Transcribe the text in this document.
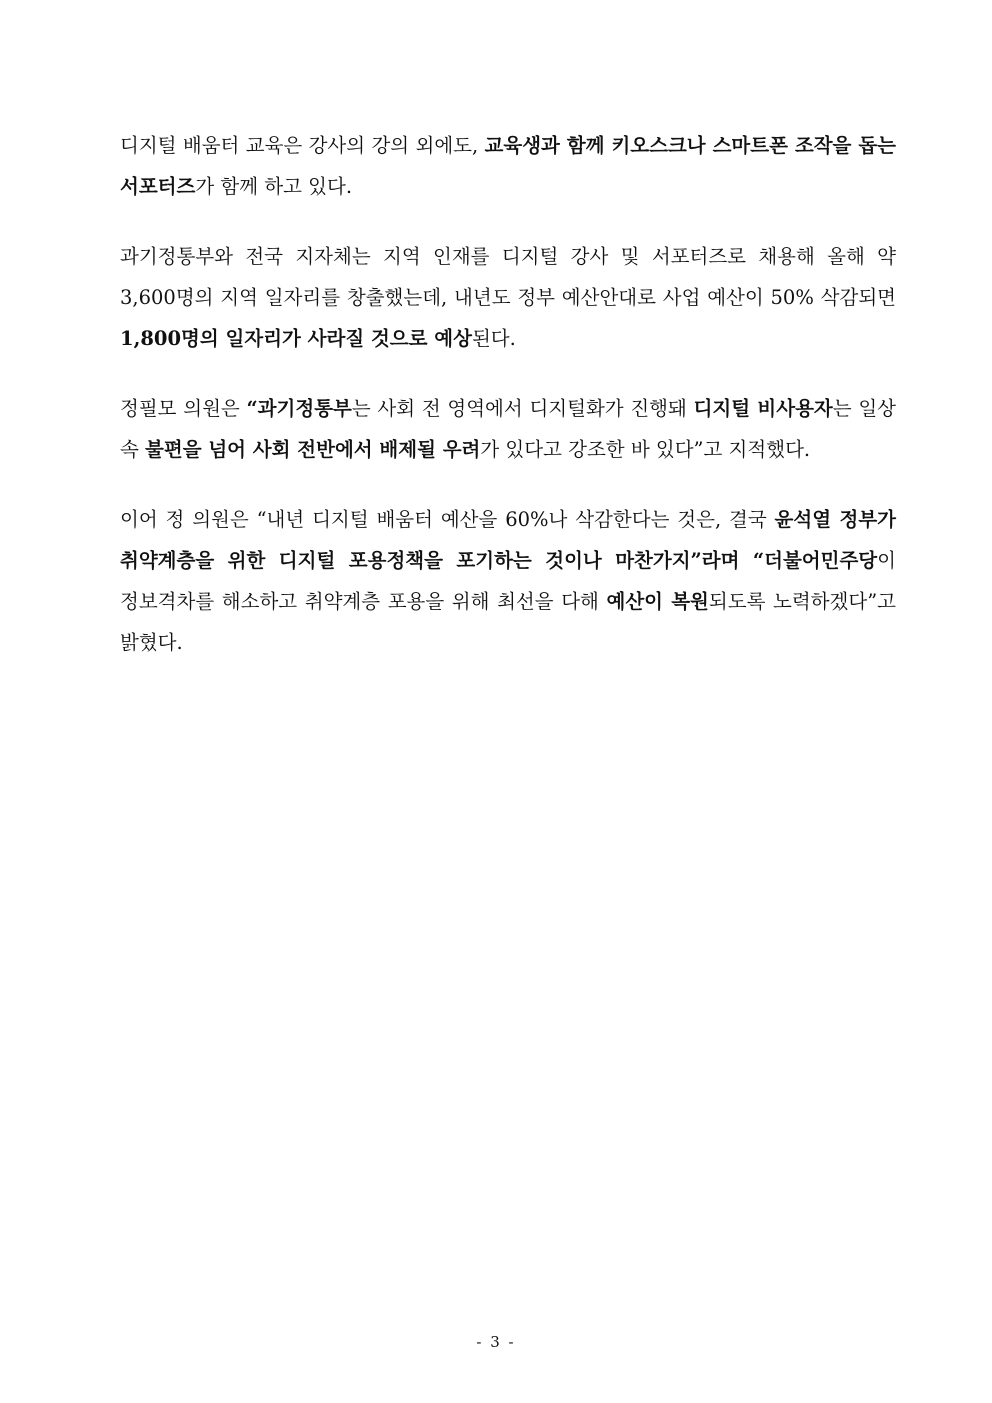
디지털 배움터 교육은 강사의 강의 외에도, 교육생과 함께 키오스크나 스마트폰 조작을 돕는 서포터즈가 함께 하고 있다.

과기정통부와 전국 지자체는 지역 인재를 디지털 강사 및 서포터즈로 채용해 올해 약 3,600명의 지역 일자리를 창출했는데, 내년도 정부 예산안대로 사업 예산이 50% 삭감되면 1,800명의 일자리가 사라질 것으로 예상된다.

정필모 의원은 “과기정통부는 사회 전 영역에서 디지털화가 진행돼 디지털 비사용자는 일상 속 불편을 넘어 사회 전반에서 배제될 우려가 있다고 강조한 바 있다”고 지적했다.

이어 정 의원은 “내년 디지털 배움터 예산을 60%나 삭감한다는 것은, 결국 윤석열 정부가 취약계층을 위한 디지털 포용정책을 포기하는 것이나 마찬가지”라며 “더불어민주당이 정보격차를 해소하고 취약계층 포용을 위해 최선을 다해 예산이 복원되도록 노력하겠다”고 밝혔다.

- 3 -
